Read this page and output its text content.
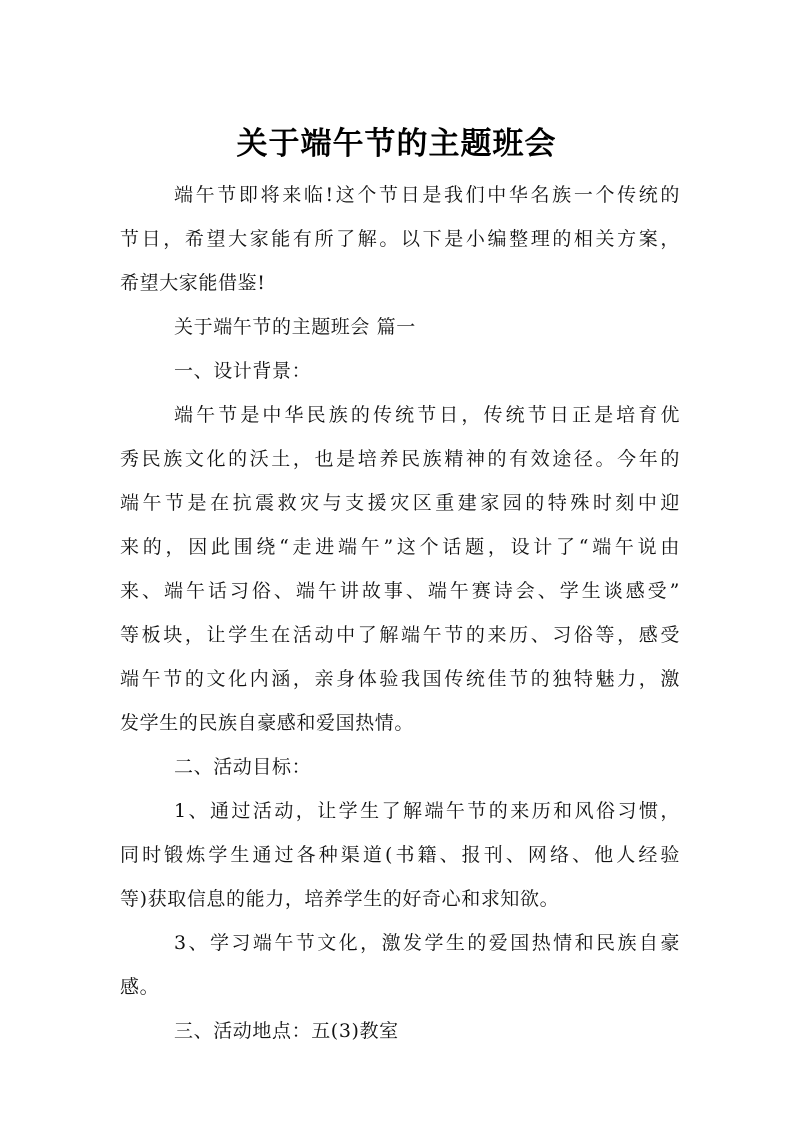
关于端午节的主题班会
端午节即将来临!这个节日是我们中华名族一个传统的
节日，希望大家能有所了解。以下是小编整理的相关方案，
希望大家能借鉴!
关于端午节的主题班会 篇一
一、设计背景：
端午节是中华民族的传统节日，传统节日正是培育优
秀民族文化的沃土，也是培养民族精神的有效途径。今年的
端午节是在抗震救灾与支援灾区重建家园的特殊时刻中迎
来的，因此围绕“走进端午”这个话题，设计了“端午说由
来、端午话习俗、端午讲故事、端午赛诗会、学生谈感受”
等板块，让学生在活动中了解端午节的来历、习俗等，感受
端午节的文化内涵，亲身体验我国传统佳节的独特魅力，激
发学生的民族自豪感和爱国热情。
二、活动目标：
1、通过活动，让学生了解端午节的来历和风俗习惯，
同时锻炼学生通过各种渠道(书籍、报刊、网络、他人经验
等)获取信息的能力，培养学生的好奇心和求知欲。
3、学习端午节文化，激发学生的爱国热情和民族自豪
感。
三、活动地点：五(3)教室
